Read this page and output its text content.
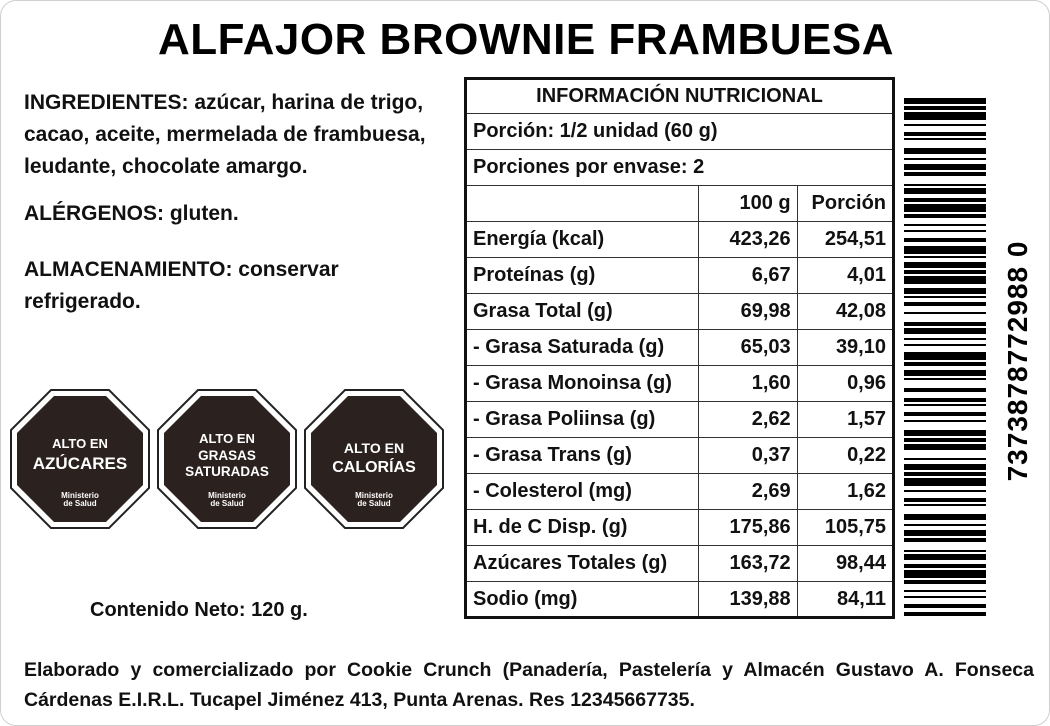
ALFAJOR BROWNIE FRAMBUESA

INGREDIENTES: azúcar, harina de trigo,

cacao, aceite, mermelada de frambuesa,

leudante, chocolate amargo.

ALÉRGENOS: gluten.

ALMACENAMIENTO: conservar

refrigerado.

ALTO EN
AZÚCARES
Ministerio
de Salud
ALTO EN
GRASAS
SATURADAS
Ministerio
de Salud
ALTO EN
CALORÍAS
Ministerio
de Salud
Contenido Neto: 120 g.
INFORMACIÓN NUTRICIONAL		
Porción: 1/2 unidad (60 g)		
Porciones por envase: 2		
	100 g	Porción
Energía (kcal)	423,26	254,51
Proteínas (g)	6,67	4,01
Grasa Total (g)	69,98	42,08
- Grasa Saturada (g)	65,03	39,10
- Grasa Monoinsa (g)	1,60	0,96
- Grasa Poliinsa (g)	2,62	1,57
- Grasa Trans (g)	0,37	0,22
- Colesterol (mg)	2,69	1,62
H. de C Disp. (g)	175,86	105,75
Azúcares Totales (g)	163,72	98,44
Sodio (mg)	139,88	84,11
7373878772988 0
Elaborado y comercializado por Cookie Crunch (Panadería, Pastelería y Almacén Gustavo A. Fonseca Cárdenas E.I.R.L. Tucapel Jiménez 413, Punta Arenas. Res 12345667735.
